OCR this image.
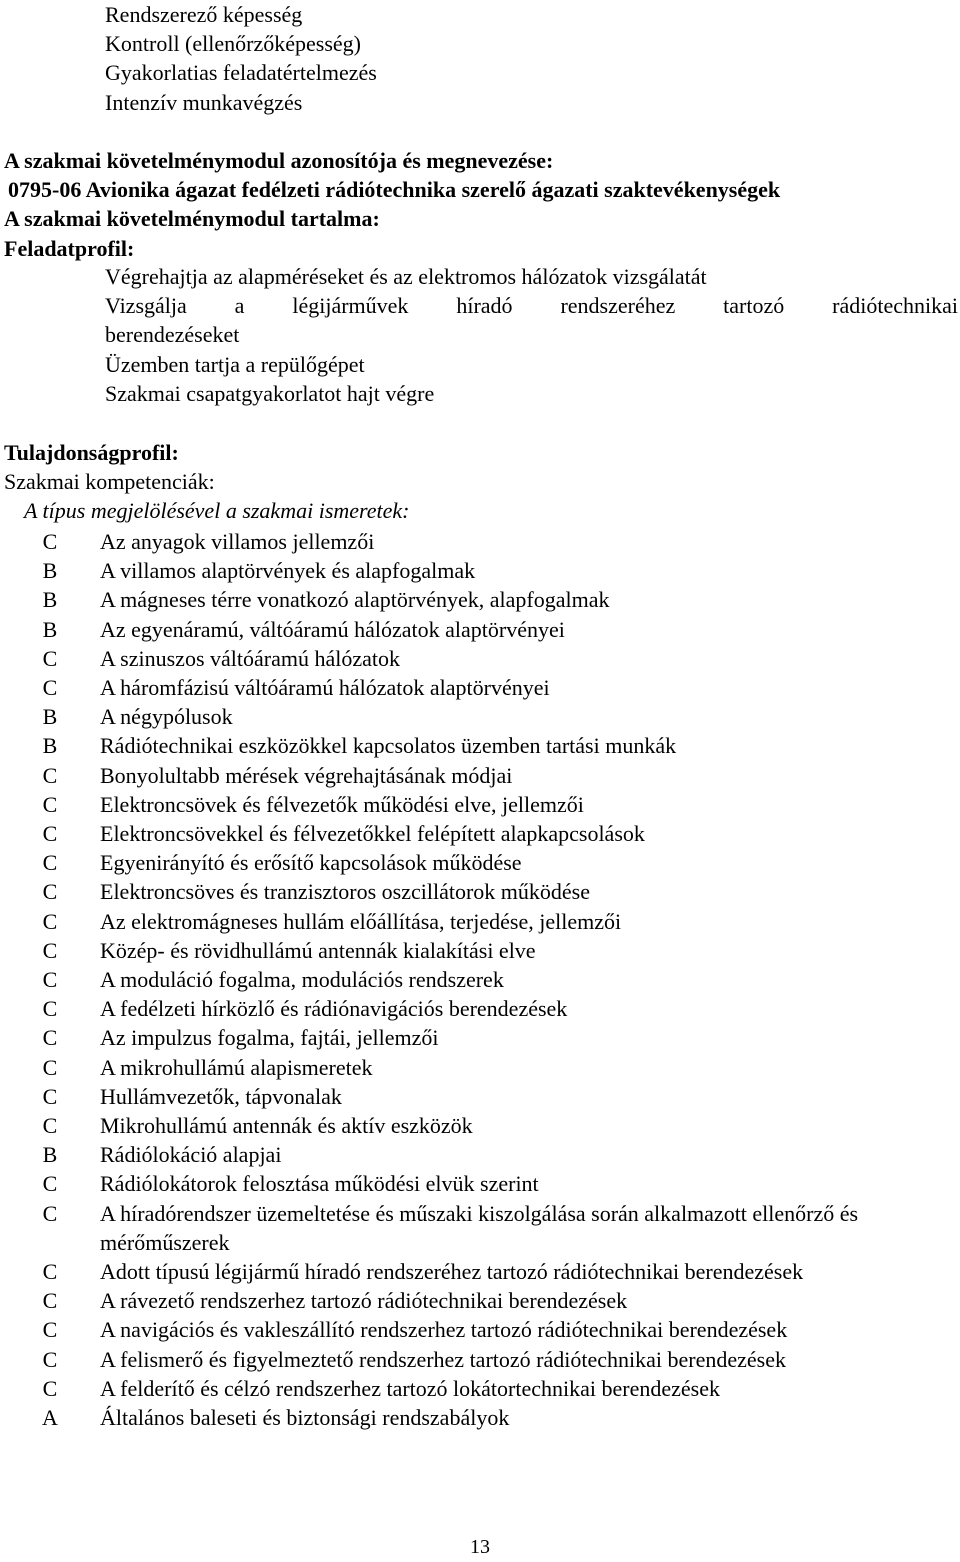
Rendszerező képesség
Kontroll (ellenőrzőképesség)
Gyakorlatias feladatértelmezés
Intenzív munkavégzés
A szakmai követelménymodul azonosítója és megnevezése:
0795-06 Avionika ágazat fedélzeti rádiótechnika szerelő ágazati szaktevékenységek
A szakmai követelménymodul tartalma:
Feladatprofil:
Végrehajtja az alapméréseket és az elektromos hálózatok vizsgálatát
Vizsgálja a légijárművek híradó rendszeréhez tartozó rádiótechnikai
berendezéseket
Üzemben tartja a repülőgépet
Szakmai csapatgyakorlatot hajt végre
Tulajdonságprofil:
Szakmai kompetenciák:
A típus megjelölésével a szakmai ismeretek:
C	Az anyagok villamos jellemzői
B	A villamos alaptörvények és alapfogalmak
B	A mágneses térre vonatkozó alaptörvények, alapfogalmak
B	Az egyenáramú, váltóáramú hálózatok alaptörvényei
C	A szinuszos váltóáramú hálózatok
C	A háromfázisú váltóáramú hálózatok alaptörvényei
B	A négypólusok
B	Rádiótechnikai eszközökkel kapcsolatos üzemben tartási munkák
C	Bonyolultabb mérések végrehajtásának módjai
C	Elektroncsövek és félvezetők működési elve, jellemzői
C	Elektroncsövekkel és félvezetőkkel felépített alapkapcsolások
C	Egyenirányító és erősítő kapcsolások működése
C	Elektroncsöves és tranzisztoros oszcillátorok működése
C	Az elektromágneses hullám előállítása, terjedése, jellemzői
C	Közép- és rövidhullámú antennák kialakítási elve
C	A moduláció fogalma, modulációs rendszerek
C	A fedélzeti hírközlő és rádiónavigációs berendezések
C	Az impulzus fogalma, fajtái, jellemzői
C	A mikrohullámú alapismeretek
C	Hullámvezetők, tápvonalak
C	Mikrohullámú antennák és aktív eszközök
B	Rádiólokáció alapjai
C	Rádiólokátorok felosztása működési elvük szerint
C	A híradórendszer üzemeltetése és műszaki kiszolgálása során alkalmazott ellenőrző és mérőműszerek
C	Adott típusú légijármű híradó rendszeréhez tartozó rádiótechnikai berendezések
C	A rávezető rendszerhez tartozó rádiótechnikai berendezések
C	A navigációs és vakleszállító rendszerhez tartozó rádiótechnikai berendezések
C	A felismerő és figyelmeztető rendszerhez tartozó rádiótechnikai berendezések
C	A felderítő és célzó rendszerhez tartozó lokátortechnikai berendezések
A	Általános baleseti és biztonsági rendszabályok
13
